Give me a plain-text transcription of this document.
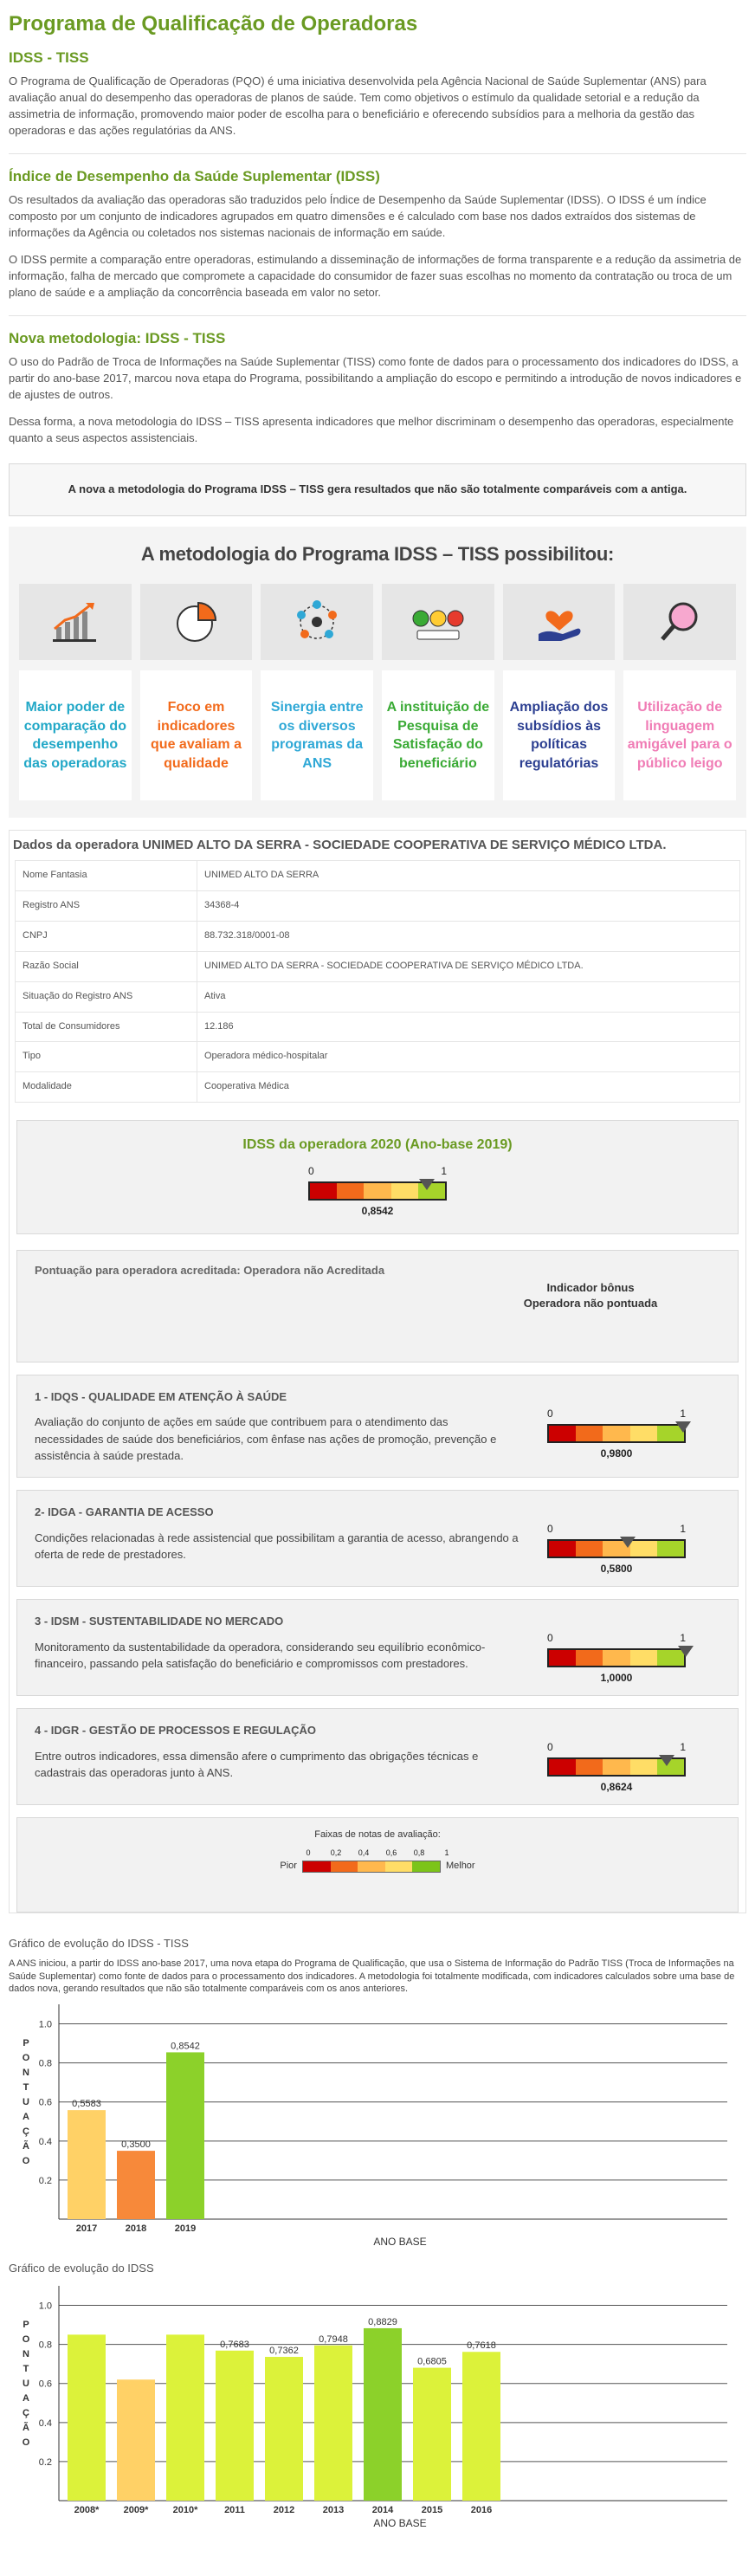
Programa de Qualificação de Operadoras
IDSS - TISS

O Programa de Qualificação de Operadoras (PQO) é uma iniciativa desenvolvida pela Agência Nacional de Saúde Suplementar (ANS) para avaliação anual do desempenho das operadoras de planos de saúde. Tem como objetivos o estímulo da qualidade setorial e a redução da assimetria de informação, promovendo maior poder de escolha para o beneficiário e oferecendo subsídios para a melhoria da gestão das operadoras e das ações regulatórias da ANS.

Índice de Desempenho da Saúde Suplementar (IDSS)

Os resultados da avaliação das operadoras são traduzidos pelo Índice de Desempenho da Saúde Suplementar (IDSS). O IDSS é um índice composto por um conjunto de indicadores agrupados em quatro dimensões e é calculado com base nos dados extraídos dos sistemas de informações da Agência ou coletados nos sistemas nacionais de informação em saúde.

O IDSS permite a comparação entre operadoras, estimulando a disseminação de informações de forma transparente e a redução da assimetria de informação, falha de mercado que compromete a capacidade do consumidor de fazer suas escolhas no momento da contratação ou troca de um plano de saúde e a ampliação da concorrência baseada em valor no setor.

Nova metodologia: IDSS - TISS

O uso do Padrão de Troca de Informações na Saúde Suplementar (TISS) como fonte de dados para o processamento dos indicadores do IDSS, a partir do ano-base 2017, marcou nova etapa do Programa, possibilitando a ampliação do escopo e permitindo a introdução de novos indicadores e de ajustes de outros.

Dessa forma, a nova metodologia do IDSS – TISS apresenta indicadores que melhor discriminam o desempenho das operadoras, especialmente quanto a seus aspectos assistenciais.

A nova a metodologia do Programa IDSS – TISS gera resultados que não são totalmente comparáveis com a antiga.
A metodologia do Programa IDSS – TISS possibilitou:
Maior poder de comparação do desempenho das operadoras
Foco em indicadores que avaliam a qualidade
Sinergia entre os diversos programas da ANS
A instituição de Pesquisa de Satisfação do beneficiário
Ampliação dos subsídios às políticas regulatórias
Utilização de linguagem amigável para o público leigo
Dados da operadora UNIMED ALTO DA SERRA - SOCIEDADE COOPERATIVA DE SERVIÇO MÉDICO LTDA.
Nome Fantasia	UNIMED ALTO DA SERRA
Registro ANS	34368-4
CNPJ	88.732.318/0001-08
Razão Social	UNIMED ALTO DA SERRA - SOCIEDADE COOPERATIVA DE SERVIÇO MÉDICO LTDA.
Situação do Registro ANS	Ativa
Total de Consumidores	12.186
Tipo	Operadora médico-hospitalar
Modalidade	Cooperativa Médica
IDSS da operadora 2020 (Ano-base 2019)
0	1
0,8542
Pontuação para operadora acreditada: Operadora não Acreditada
Indicador bônus
Operadora não pontuada
1 - IDQS - QUALIDADE EM ATENÇÃO À SAÚDE
Avaliação do conjunto de ações em saúde que contribuem para o atendimento das necessidades de saúde dos beneficiários, com ênfase nas ações de promoção, prevenção e assistência à saúde prestada.
0	1
0,9800
2- IDGA - GARANTIA DE ACESSO
Condições relacionadas à rede assistencial que possibilitam a garantia de acesso, abrangendo a oferta de rede de prestadores.
0	1
0,5800
3 - IDSM - SUSTENTABILIDADE NO MERCADO
Monitoramento da sustentabilidade da operadora, considerando seu equilíbrio econômico-financeiro, passando pela satisfação do beneficiário e compromissos com prestadores.
0	1
1,0000
4 - IDGR - GESTÃO DE PROCESSOS E REGULAÇÃO
Entre outros indicadores, essa dimensão afere o cumprimento das obrigações técnicas e cadastrais das operadoras junto à ANS.
0	1
0,8624
Faixas de notas de avaliação:
0	0,2 0,4 0,6 0,8	1
Pior	Melhor
Gráfico de evolução do IDSS - TISS
A ANS iniciou, a partir do IDSS ano-base 2017, uma nova etapa do Programa de Qualificação, que usa o Sistema de Informação do Padrão TISS (Troca de Informações na Saúde Suplementar) como fonte de dados para o processamento dos indicadores. A metodologia foi totalmente modificada, com indicadores calculados sobre uma base de dados nova, gerando resultados que não são totalmente comparáveis com os anos anteriores.
0.2
0.4
0.6
0.8
1.0
P
O
N
T
U
A
Ç
Ã
O
0,5583
2017
0,3500
2018
0,8542
2019
ANO BASE
Gráfico de evolução do IDSS
0.2
0.4
0.6
0.8
1.0
P
O
N
T
U
A
Ç
Ã
O
2008*	2009*	2010*
0,7683
2011
0,7362
2012
0,7948
2013
0,8829
2014
0,6805
2015
0,7618
2016
ANO BASE
